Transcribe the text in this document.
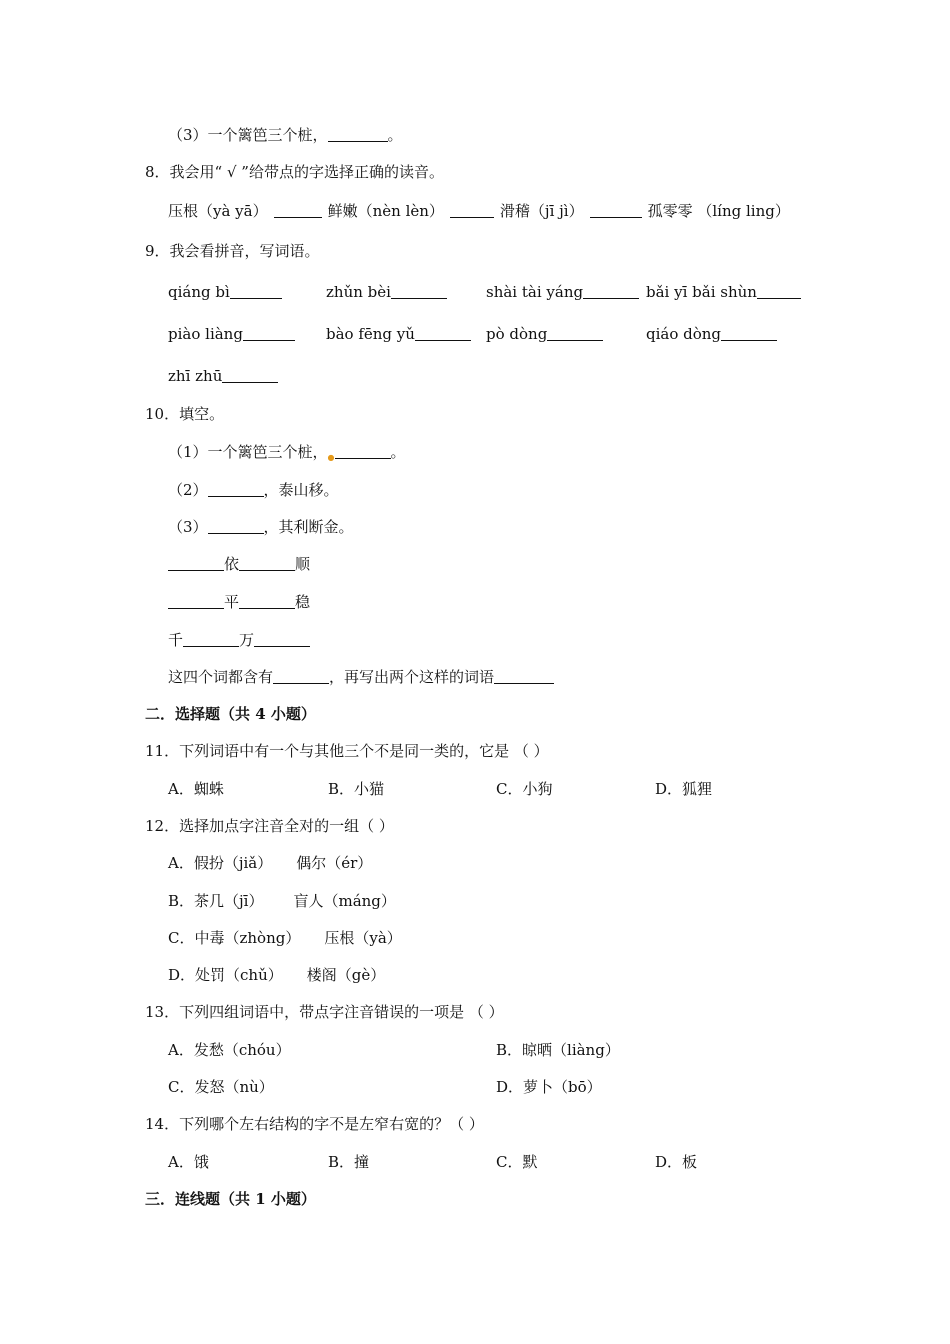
（3）一个篱笆三个桩，	。
8．我会用“ √ ”给带点的字选择正确的读音。
压根（yà yā）	鲜嫩（nèn lèn）	滑稽（jī jì）	孤零零 （líng ling）
9．我会看拼音，写词语。
qiáng bì	zhǔn bèi	shài tài yáng	bǎi yī bǎi shùn
piào liàng	bào fēng yǔ	pò dòng	qiáo dòng
zhī zhū
10．填空。
（1）一个篱笆三个桩，$_●$	。
（2）	，泰山移。
（3）	，其利断金。
依	顺
平	稳
千	万
这四个词都含有	，再写出两个这样的词语
二．选择题（共 4 小题）
11．下列词语中有一个与其他三个不是同一类的，它是 （ ）
A．蜘蛛	B．小猫	C．小狗	D．狐狸
12．选择加点字注音全对的一组（ ）
A．假扮（jiǎ） 偶尔（ér）
B．茶几（jī） 盲人（máng）
C．中毒（zhòng） 压根（yà）
D．处罚（chǔ） 楼阁（gè）
13．下列四组词语中，带点字注音错误的一项是 （ ）
A．发愁（chóu）	B．晾晒（liàng）
C．发怒（nù）	D．萝卜（bō）
14．下列哪个左右结构的字不是左窄右宽的？（ ）
A．饿	B．撞	C．默	D．板
三．连线题（共 1 小题）
